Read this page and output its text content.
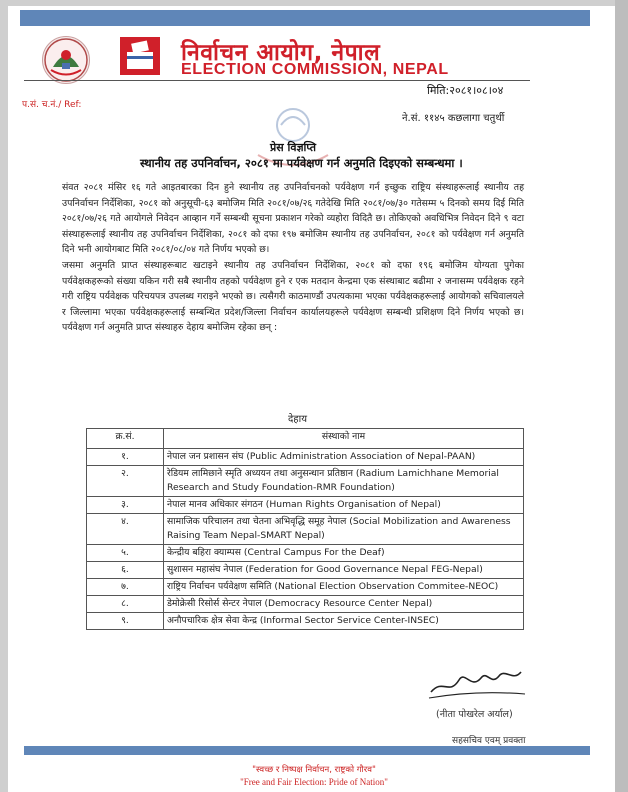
निर्वाचन आयोग, नेपाल
ELECTION COMMISSION, NEPAL
मिति:२०८१।०८।०४
प.सं. च.नं./ Ref:
ने.सं. ११४५ कछलागा चतुर्थी
प्रेस विज्ञप्ति
स्थानीय तह उपनिर्वाचन, २०८१ मा पर्यवेक्षण गर्न अनुमति दिइएको सम्बन्धमा ।

संवत २०८१ मंसिर १६ गते आइतबारका दिन हुने स्थानीय तह उपनिर्वाचनको पर्यवेक्षण गर्न इच्छुक राष्ट्रिय संस्थाहरूलाई स्थानीय तह उपनिर्वाचन निर्देशिका, २०८१ को अनुसूची-६३ बमोजिम मिति २०८१/०७/२६ गतेदेखि मिति २०८१/०७/३० गतेसम्म ५ दिनको समय दिई मिति २०८१/०७/२६ गते आयोगले निवेदन आव्हान गर्ने सम्बन्धी सूचना प्रकाशन गरेको व्यहोरा विदितै छ। तोकिएको अवधिभित्र निवेदन दिने ९ वटा संस्थाहरूलाई स्थानीय तह उपनिर्वाचन निर्देशिका, २०८१ को दफा १९७ बमोजिम स्थानीय तह उपनिर्वाचन, २०८१ को पर्यवेक्षण गर्न अनुमति दिने भनी आयोगबाट मिति २०८१/०८/०४ गते निर्णय भएको छ।

जसमा अनुमति प्राप्त संस्थाहरूबाट खटाइने स्थानीय तह उपनिर्वाचन निर्देशिका, २०८१ को दफा १९६ बमोजिम योग्यता पुगेका पर्यवेक्षकहरूको संख्या यकिन गरी सबै स्थानीय तहको पर्यवेक्षण हुने र एक मतदान केन्द्रमा एक संस्थाबाट बढीमा २ जनासम्म पर्यवेक्षक रहने गरी राष्ट्रिय पर्यवेक्षक परिचयपत्र उपलब्ध गराइने भएको छ। त्यसैगरी काठमाण्डौं उपत्यकामा भएका पर्यवेक्षकहरूलाई आयोगको सचिवालयले र जिल्लामा भएका पर्यवेक्षकहरूलाई सम्बन्धित प्रदेश/जिल्ला निर्वाचन कार्यालयहरूले पर्यवेक्षण सम्बन्धी प्रशिक्षण दिने निर्णय भएको छ। पर्यवेक्षण गर्न अनुमति प्राप्त संस्थाहरु देहाय बमोजिम रहेका छन् :

देहाय
क्र.सं.	संस्थाको नाम
१.	नेपाल जन प्रशासन संघ (Public Administration Association of Nepal-PAAN)
२.	रेडियम लामिछाने स्मृति अध्ययन तथा अनुसन्धान प्रतिष्ठान (Radium Lamichhane Memorial Research and Study Foundation-RMR Foundation)
३.	नेपाल मानव अधिकार संगठन (Human Rights Organisation of Nepal)
४.	सामाजिक परिचालन तथा चेतना अभिवृद्धि समूह नेपाल (Social Mobilization and Awareness Raising Team Nepal-SMART Nepal)
५.	केन्द्रीय बहिरा क्याम्पस (Central Campus For the Deaf)
६.	सुशासन महासंघ नेपाल (Federation for Good Governance Nepal FEG-Nepal)
७.	राष्ट्रिय निर्वाचन पर्यवेक्षण समिति (National Election Observation Commitee-NEOC)
८.	डेमोक्रेसी रिसोर्स सेन्टर नेपाल (Democracy Resource Center Nepal)
९.	अनौपचारिक क्षेत्र सेवा केन्द्र (Informal Sector Service Center-INSEC)
(नीता पोखरेल अर्याल)
सहसचिव एवम् प्रवक्ता
"स्वच्छ र निष्पक्ष निर्वाचन, राष्ट्रको गौरव"
"Free and Fair Election: Pride of Nation"
